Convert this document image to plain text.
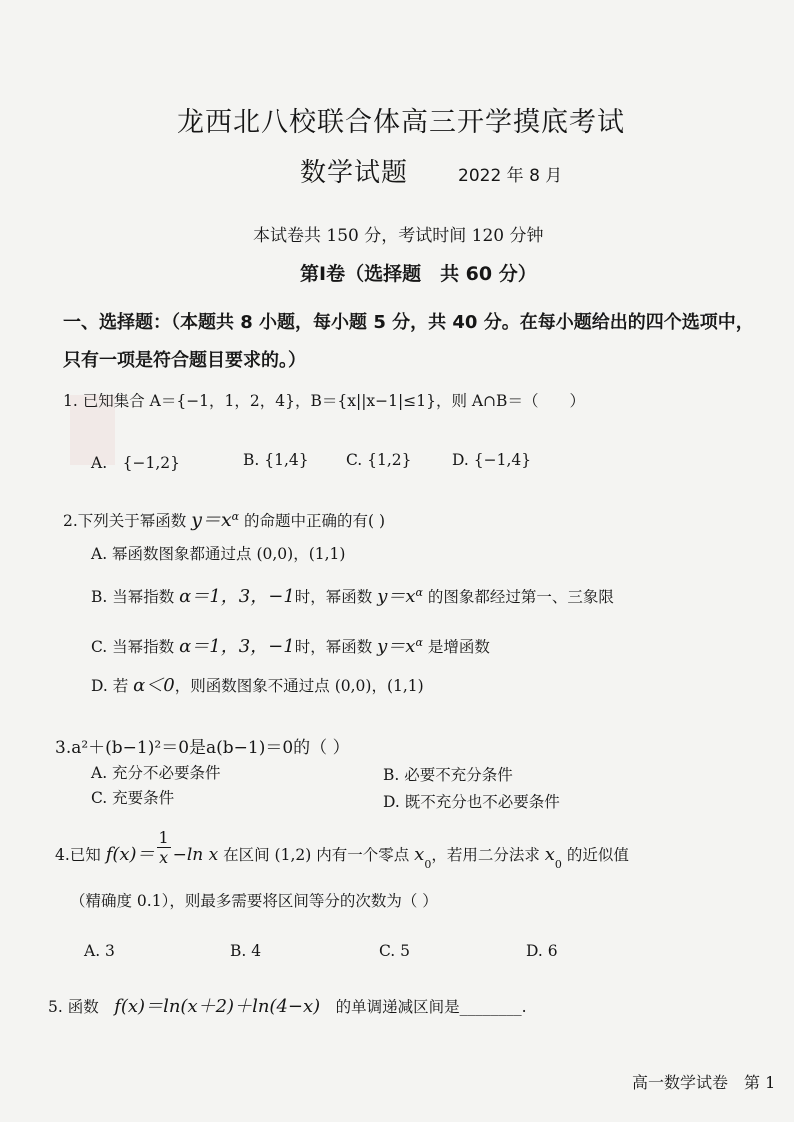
龙西北八校联合体高三开学摸底考试
数学试题	2022 年 8 月
本试卷共 150 分，考试时间 120 分钟
第Ⅰ卷（选择题　共 60 分）
一、选择题：（本题共 8 小题，每小题 5 分，共 40 分。在每小题给出的四个选项中，
只有一项是符合题目要求的。）
1. 已知集合 A＝{−1，1，2，4}，B＝{x||x−1|≤1}，则 A∩B＝（　　）
A.　{−1,2}	B. {1,4} C. {1,2}	D. {−1,4}
2.下列关于幂函数 $y=x^\alpha$ 的命题中正确的有( )
A. 幂函数图象都通过点 (0,0)，(1,1)
B. 当幂指数 α＝1，3，−1时，幂函数 $y=x^\alpha$ 的图象都经过第一、三象限
C. 当幂指数 α＝1，3，−1时，幂函数 $y=x^\alpha$ 是增函数
D. 若 α＜0，则函数图象不通过点 (0,0)，(1,1)
3.a²＋(b−1)²＝0是a(b−1)＝0的（ ）
A. 充分不必要条件	B. 必要不充分条件
C. 充要条件	D. 既不充分也不必要条件
4.已知 $f(x)= \frac{1}{x} -\ln$ x 在区间 (1,2) 内有一个零点 $x_0$，若用二分法求 $x_0$ 的近似值
（精确度 0.1），则最多需要将区间等分的次数为（ ）
A. 3	B. 4	C. 5	D. 6
5. 函数　f(x)＝ln(x＋2)＋ln(4−x)　的单调递减区间是________.
高一数学试卷　第 1
